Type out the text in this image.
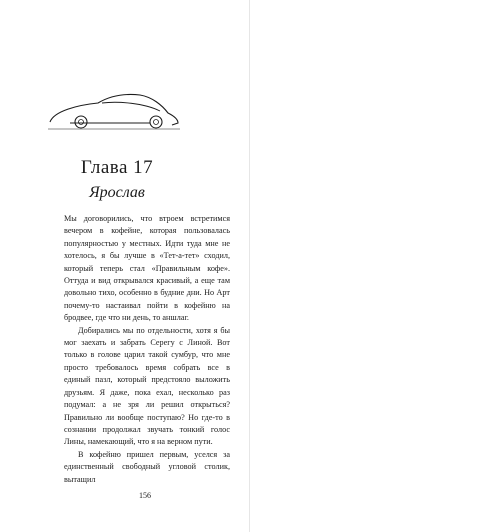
Глава 17
Ярослав

Мы договорились, что втроем встретимся вечером в кофейне, которая пользовалась популярностью у местных. Идти туда мне не хотелось, я бы лучше в «Тет-а-тет» сходил, который теперь стал «Правильным кофе». Оттуда и вид открывался красивый, а еще там довольно тихо, особенно в будние дни. Но Арт почему-то настаивал пойти в кофейню на бродвее, где что ни день, то аншлаг.

Добирались мы по отдельности, хотя я бы мог заехать и забрать Серегу с Линой. Вот только в голове царил такой сумбур, что мне просто требовалось время собрать все в единый пазл, который предстояло выложить друзьям. Я даже, пока ехал, несколько раз подумал: а не зря ли решил открыться? Правильно ли вообще поступаю? Но где-то в сознании продолжал звучать тонкий голос Лины, намекающий, что я на верном пути.

В кофейню пришел первым, уселся за единственный свободный угловой столик, вытащил

156
